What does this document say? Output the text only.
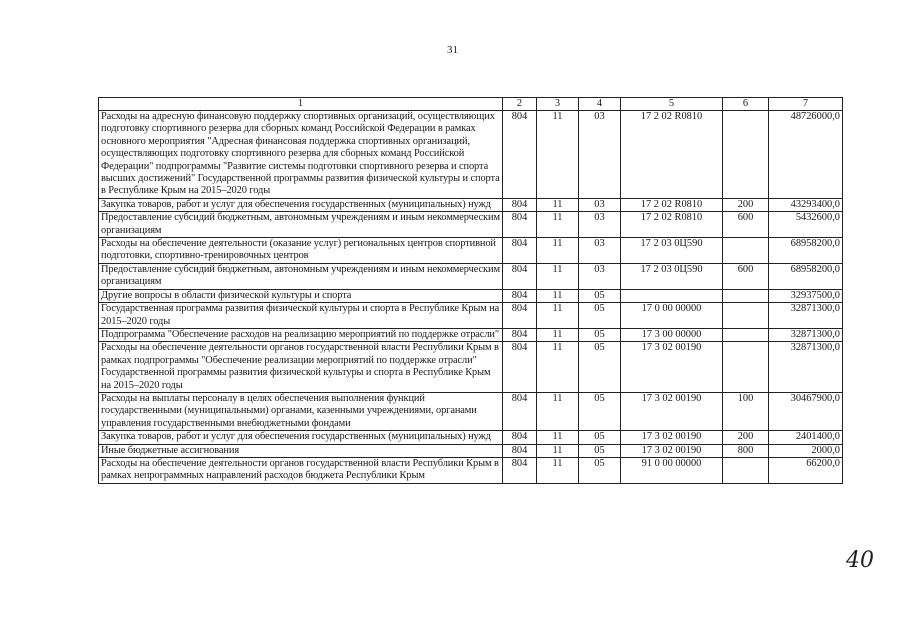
31
1	2	3	4	5	6	7
Расходы на адресную финансовую поддержку спортивных организаций, осуществляющих подготовку спортивного резерва для сборных команд Российской Федерации в рамках основного мероприятия "Адресная финансовая поддержка спортивных организаций, осуществляющих подготовку спортивного резерва для сборных команд Российской Федерации" подпрограммы "Развитие системы подготовки спортивного резерва и спорта высших достижений" Государственной программы развития физической культуры и спорта в Республике Крым на 2015–2020 годы	804	11	03	17 2 02 R0810		48726000,0
Закупка товаров, работ и услуг для обеспечения государственных (муниципальных) нужд	804	11	03	17 2 02 R0810	200	43293400,0
Предоставление субсидий бюджетным, автономным учреждениям и иным некоммерческим организациям	804	11	03	17 2 02 R0810	600	5432600,0
Расходы на обеспечение деятельности (оказание услуг) региональных центров спортивной подготовки, спортивно-тренировочных центров	804	11	03	17 2 03 0Ц590		68958200,0
Предоставление субсидий бюджетным, автономным учреждениям и иным некоммерческим организациям	804	11	03	17 2 03 0Ц590	600	68958200,0
Другие вопросы в области физической культуры и спорта	804	11	05			32937500,0
Государственная программа развития физической культуры и спорта в Республике Крым на 2015–2020 годы	804	11	05	17 0 00 00000		32871300,0
Подпрограмма "Обеспечение расходов на реализацию мероприятий по поддержке отрасли"	804	11	05	17 3 00 00000		32871300,0
Расходы на обеспечение деятельности органов государственной власти Республики Крым в рамках подпрограммы "Обеспечение реализации мероприятий по поддержке отрасли" Государственной программы развития физической культуры и спорта в Республике Крым на 2015–2020 годы	804	11	05	17 3 02 00190		32871300,0
Расходы на выплаты персоналу в целях обеспечения выполнения функций государственными (муниципальными) органами, казенными учреждениями, органами управления государственными внебюджетными фондами	804	11	05	17 3 02 00190	100	30467900,0
Закупка товаров, работ и услуг для обеспечения государственных (муниципальных) нужд	804	11	05	17 3 02 00190	200	2401400,0
Иные бюджетные ассигнования	804	11	05	17 3 02 00190	800	2000,0
Расходы на обеспечение деятельности органов государственной власти Республики Крым в рамках непрограммных направлений расходов бюджета Республики Крым	804	11	05	91 0 00 00000		66200,0
40
